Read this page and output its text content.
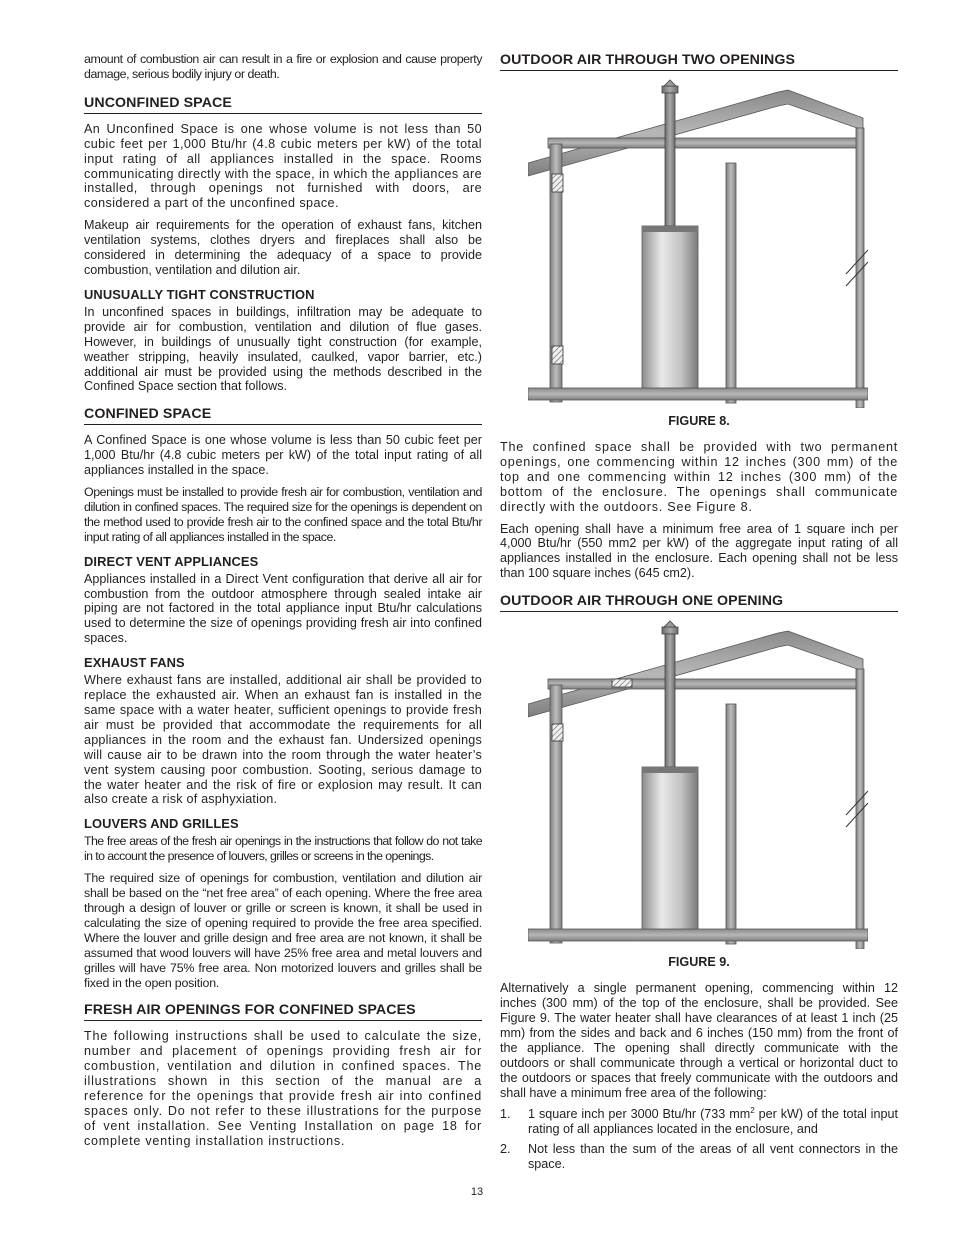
amount of combustion air can result in a fire or explosion and cause property damage, serious bodily injury or death.

UNCONFINED SPACE

An Unconfined Space is one whose volume is not less than 50 cubic feet per 1,000 Btu/hr (4.8 cubic meters per kW) of the total input rating of all appliances installed in the space. Rooms communicating directly with the space, in which the appliances are installed, through openings not furnished with doors, are considered a part of the unconfined space.

Makeup air requirements for the operation of exhaust fans, kitchen ventilation systems, clothes dryers and fireplaces shall also be considered in determining the adequacy of a space to provide combustion, ventilation and dilution air.

UNUSUALLY TIGHT CONSTRUCTION

In unconfined spaces in buildings, infiltration may be adequate to provide air for combustion, ventilation and dilution of flue gases. However, in buildings of unusually tight construction (for example, weather stripping, heavily insulated, caulked, vapor barrier, etc.) additional air must be provided using the methods described in the Confined Space section that follows.

CONFINED SPACE

A Confined Space is one whose volume is less than 50 cubic feet per 1,000 Btu/hr (4.8 cubic meters per kW) of the total input rating of all appliances installed in the space.

Openings must be installed to provide fresh air for combustion, ventilation and dilution in confined spaces. The required size for the openings is dependent on the method used to provide fresh air to the confined space and the total Btu/hr input rating of all appliances installed in the space.

DIRECT VENT APPLIANCES

Appliances installed in a Direct Vent configuration that derive all air for combustion from the outdoor atmosphere through sealed intake air piping are not factored in the total appliance input Btu/hr calculations used to determine the size of openings providing fresh air into confined spaces.

EXHAUST FANS

Where exhaust fans are installed, additional air shall be provided to replace the exhausted air. When an exhaust fan is installed in the same space with a water heater, sufficient openings to provide fresh air must be provided that accommodate the requirements for all appliances in the room and the exhaust fan. Undersized openings will cause air to be drawn into the room through the water heater’s vent system causing poor combustion. Sooting, serious damage to the water heater and the risk of fire or explosion may result. It can also create a risk of asphyxiation.

LOUVERS AND GRILLES

The free areas of the fresh air openings in the instructions that follow do not take in to account the presence of louvers, grilles or screens in the openings.

The required size of openings for combustion, ventilation and dilution air shall be based on the “net free area” of each opening. Where the free area through a design of louver or grille or screen is known, it shall be used in calculating the size of opening required to provide the free area specified. Where the louver and grille design and free area are not known, it shall be assumed that wood louvers will have 25% free area and metal louvers and grilles will have 75% free area. Non motorized louvers and grilles shall be fixed in the open position.

FRESH AIR OPENINGS FOR CONFINED SPACES

The following instructions shall be used to calculate the size, number and placement of openings providing fresh air for combustion, ventilation and dilution in confined spaces. The illustrations shown in this section of the manual are a reference for the openings that provide fresh air into confined spaces only. Do not refer to these illustrations for the purpose of vent installation. See Venting Installation on page 18 for complete venting installation instructions.

OUTDOOR AIR THROUGH TWO OPENINGS
FIGURE 8.

The confined space shall be provided with two permanent openings, one commencing within 12 inches (300 mm) of the top and one commencing within 12 inches (300 mm) of the bottom of the enclosure. The openings shall communicate directly with the outdoors. See Figure 8.

Each opening shall have a minimum free area of 1 square inch per 4,000 Btu/hr (550 mm2 per kW) of the aggregate input rating of all appliances installed in the enclosure. Each opening shall not be less than 100 square inches (645 cm2).

OUTDOOR AIR THROUGH ONE OPENING
FIGURE 9.

Alternatively a single permanent opening, commencing within 12 inches (300 mm) of the top of the enclosure, shall be provided. See Figure 9. The water heater shall have clearances of at least 1 inch (25 mm) from the sides and back and 6 inches (150 mm) from the front of the appliance. The opening shall directly communicate with the outdoors or shall communicate through a vertical or horizontal duct to the outdoors or spaces that freely communicate with the outdoors and shall have a minimum free area of the following:

1. 1 square inch per 3000 Btu/hr (733 $mm^2$ per kW) of the total input rating of all appliances located in the enclosure, and
2. Not less than the sum of the areas of all vent connectors in the space.
13
